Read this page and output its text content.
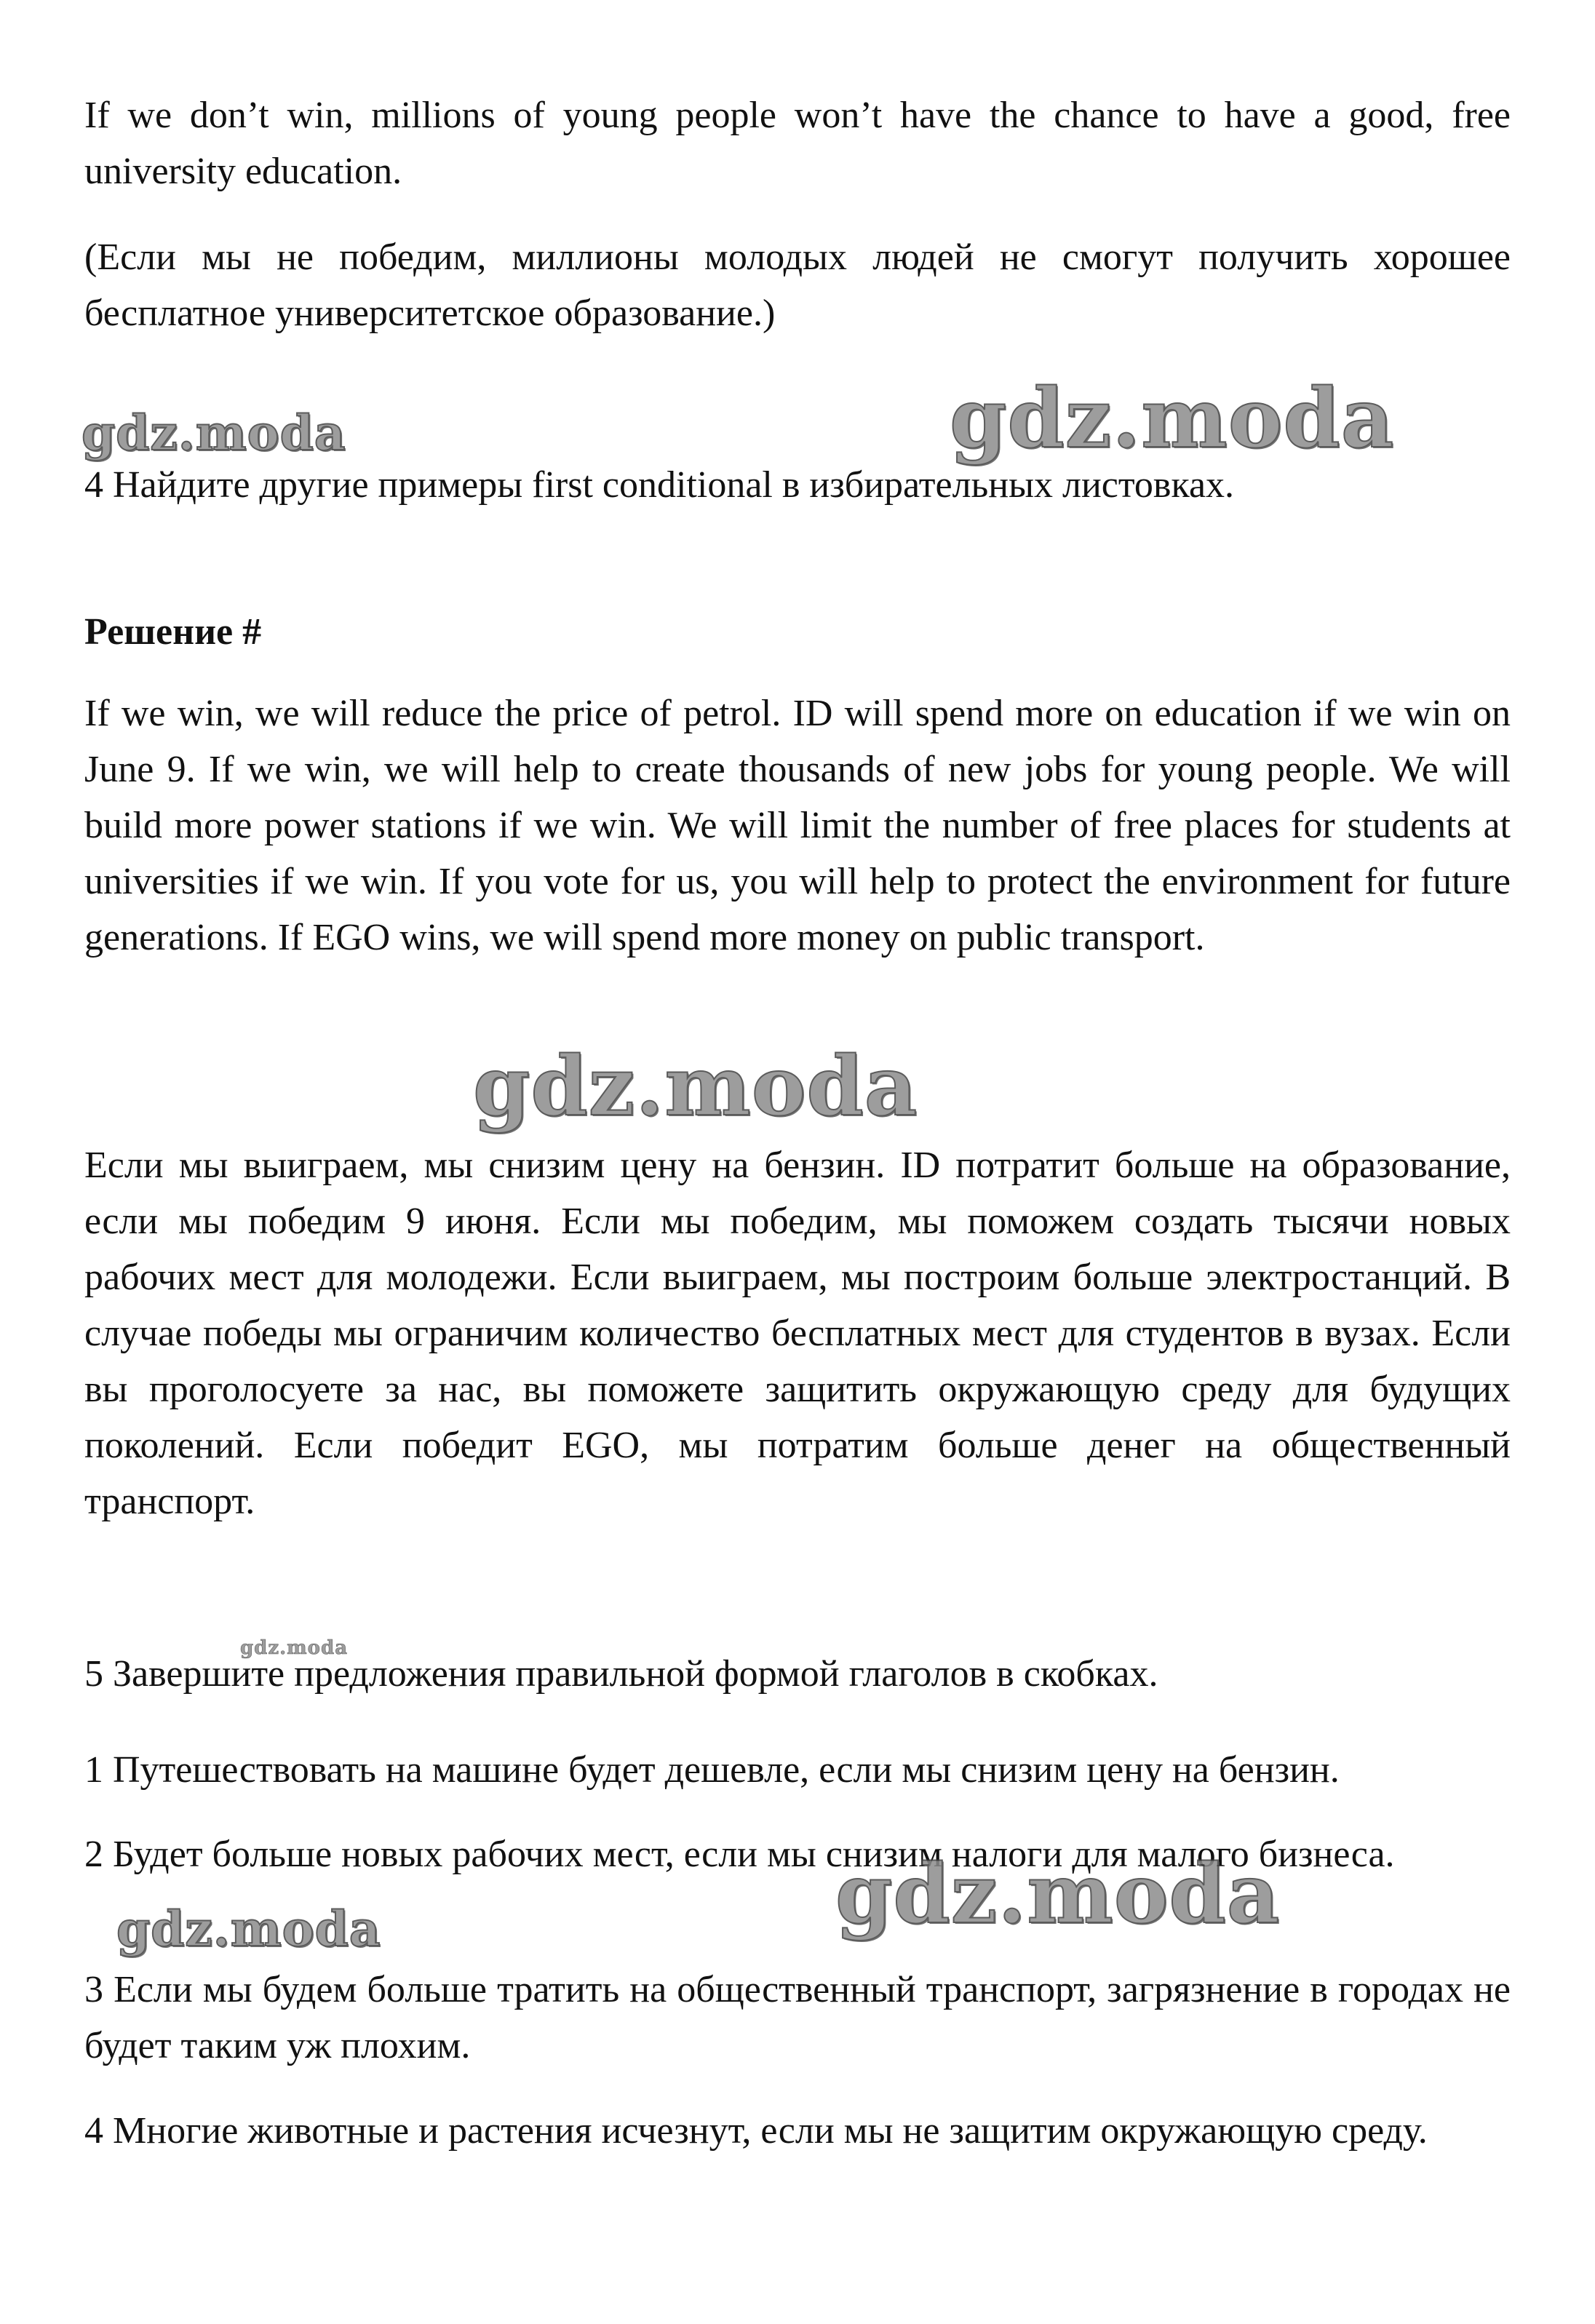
If we don’t win, millions of young people won’t have the chance to have a good, free university education.

(Если мы не победим, миллионы молодых людей не смогут получить хорошее бесплатное университетское образование.)

gdz.moda	gdz.moda

4 Найдите другие примеры first conditional в избирательных листовках.

Решение #

If we win, we will reduce the price of petrol. ID will spend more on education if we win on June 9. If we win, we will help to create thousands of new jobs for young people. We will build more power stations if we win. We will limit the number of free places for students at universities if we win. If you vote for us, you will help to protect the environment for future generations. If EGO wins, we will spend more money on public transport.

gdz.moda

Если мы выиграем, мы снизим цену на бензин. ID потратит больше на образование, если мы победим 9 июня. Если мы победим, мы поможем создать тысячи новых рабочих мест для молодежи. Если выиграем, мы построим больше электростанций. В случае победы мы ограничим количество бесплатных мест для студентов в вузах. Если вы проголосуете за нас, вы поможете защитить окружающую среду для будущих поколений. Если победит EGO, мы потратим больше денег на общественный транспорт.

gdz.moda

5 Завершите предложения правильной формой глаголов в скобках.

1 Путешествовать на машине будет дешевле, если мы снизим цену на бензин.

2 Будет больше новых рабочих мест, если мы снизим налоги для малого бизнеса.

gdz.moda
gdz.moda

3 Если мы будем больше тратить на общественный транспорт, загрязнение в городах не будет таким уж плохим.

4 Многие животные и растения исчезнут, если мы не защитим окружающую среду.
